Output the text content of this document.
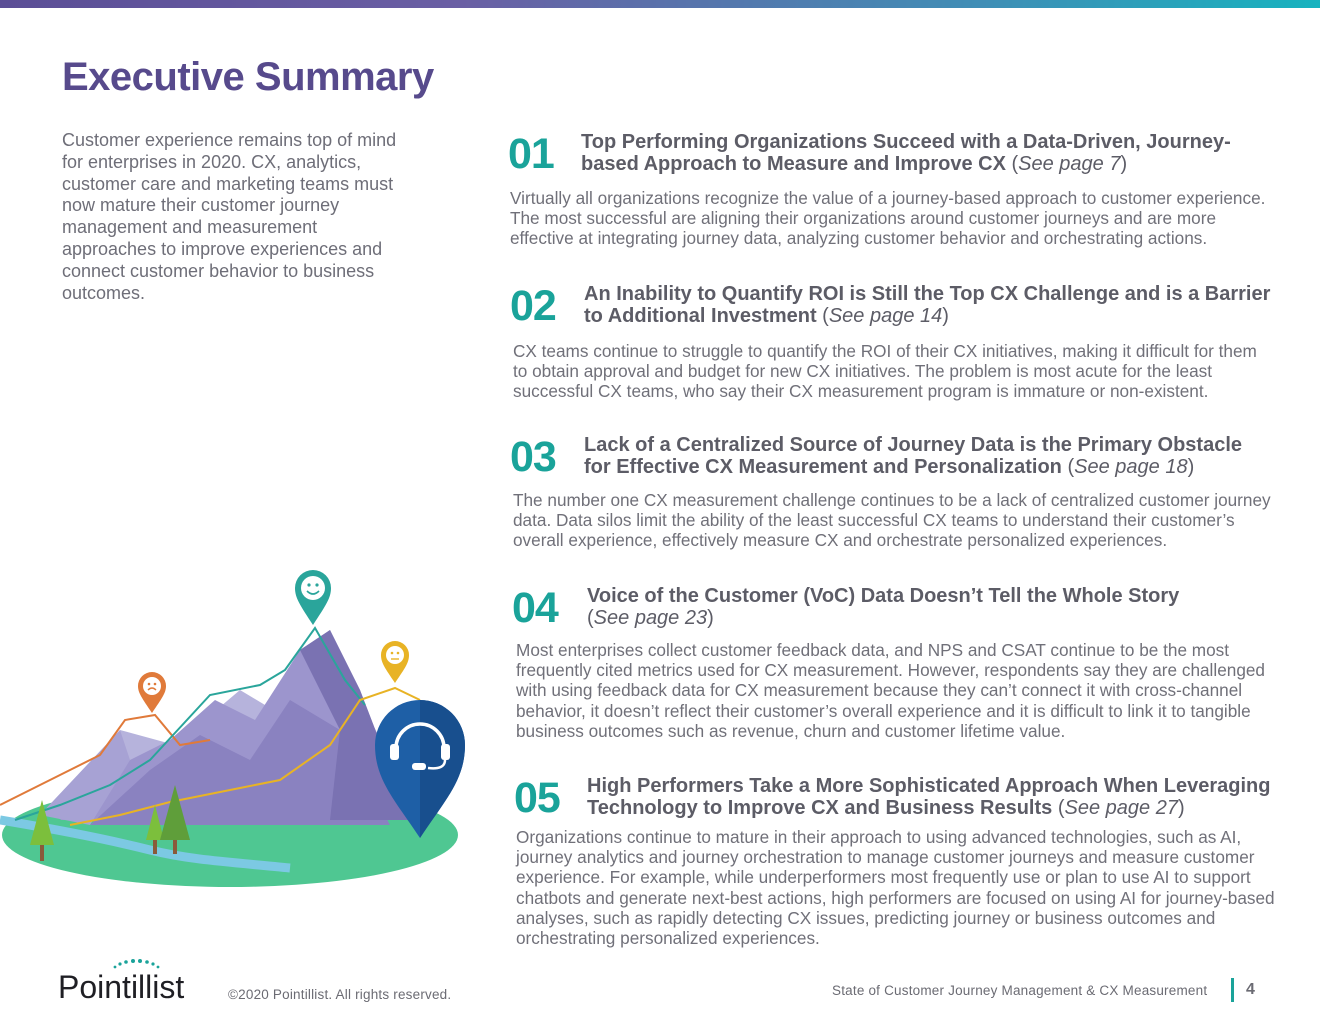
Executive Summary

Customer experience remains top of mind for enterprises in 2020. CX, analytics, customer care and marketing teams must now mature their customer journey management and measurement approaches to improve experiences and connect customer behavior to business outcomes.

01 Top Performing Organizations Succeed with a Data-Driven, Journey-based Approach to Measure and Improve CX (See page 7)

Virtually all organizations recognize the value of a journey-based approach to customer experience. The most successful are aligning their organizations around customer journeys and are more effective at integrating journey data, analyzing customer behavior and orchestrating actions.

02 An Inability to Quantify ROI is Still the Top CX Challenge and is a Barrier to Additional Investment (See page 14)

CX teams continue to struggle to quantify the ROI of their CX initiatives, making it difficult for them to obtain approval and budget for new CX initiatives. The problem is most acute for the least successful CX teams, who say their CX measurement program is immature or non-existent.

03 Lack of a Centralized Source of Journey Data is the Primary Obstacle for Effective CX Measurement and Personalization (See page 18)

The number one CX measurement challenge continues to be a lack of centralized customer journey data. Data silos limit the ability of the least successful CX teams to understand their customer’s overall experience, effectively measure CX and orchestrate personalized experiences.

04 Voice of the Customer (VoC) Data Doesn’t Tell the Whole Story (See page 23)

Most enterprises collect customer feedback data, and NPS and CSAT continue to be the most frequently cited metrics used for CX measurement. However, respondents say they are challenged with using feedback data for CX measurement because they can’t connect it with cross-channel behavior, it doesn’t reflect their customer’s overall experience and it is difficult to link it to tangible business outcomes such as revenue, churn and customer lifetime value.

05 High Performers Take a More Sophisticated Approach When Leveraging Technology to Improve CX and Business Results (See page 27)

Organizations continue to mature in their approach to using advanced technologies, such as AI, journey analytics and journey orchestration to manage customer journeys and measure customer experience. For example, while underperformers most frequently use or plan to use AI to support chatbots and generate next-best actions, high performers are focused on using AI for journey-based analyses, such as rapidly detecting CX issues, predicting journey or business outcomes and orchestrating personalized experiences.

Pointillist	©2020 Pointillist. All rights reserved.	State of Customer Journey Management & CX Measurement 4
